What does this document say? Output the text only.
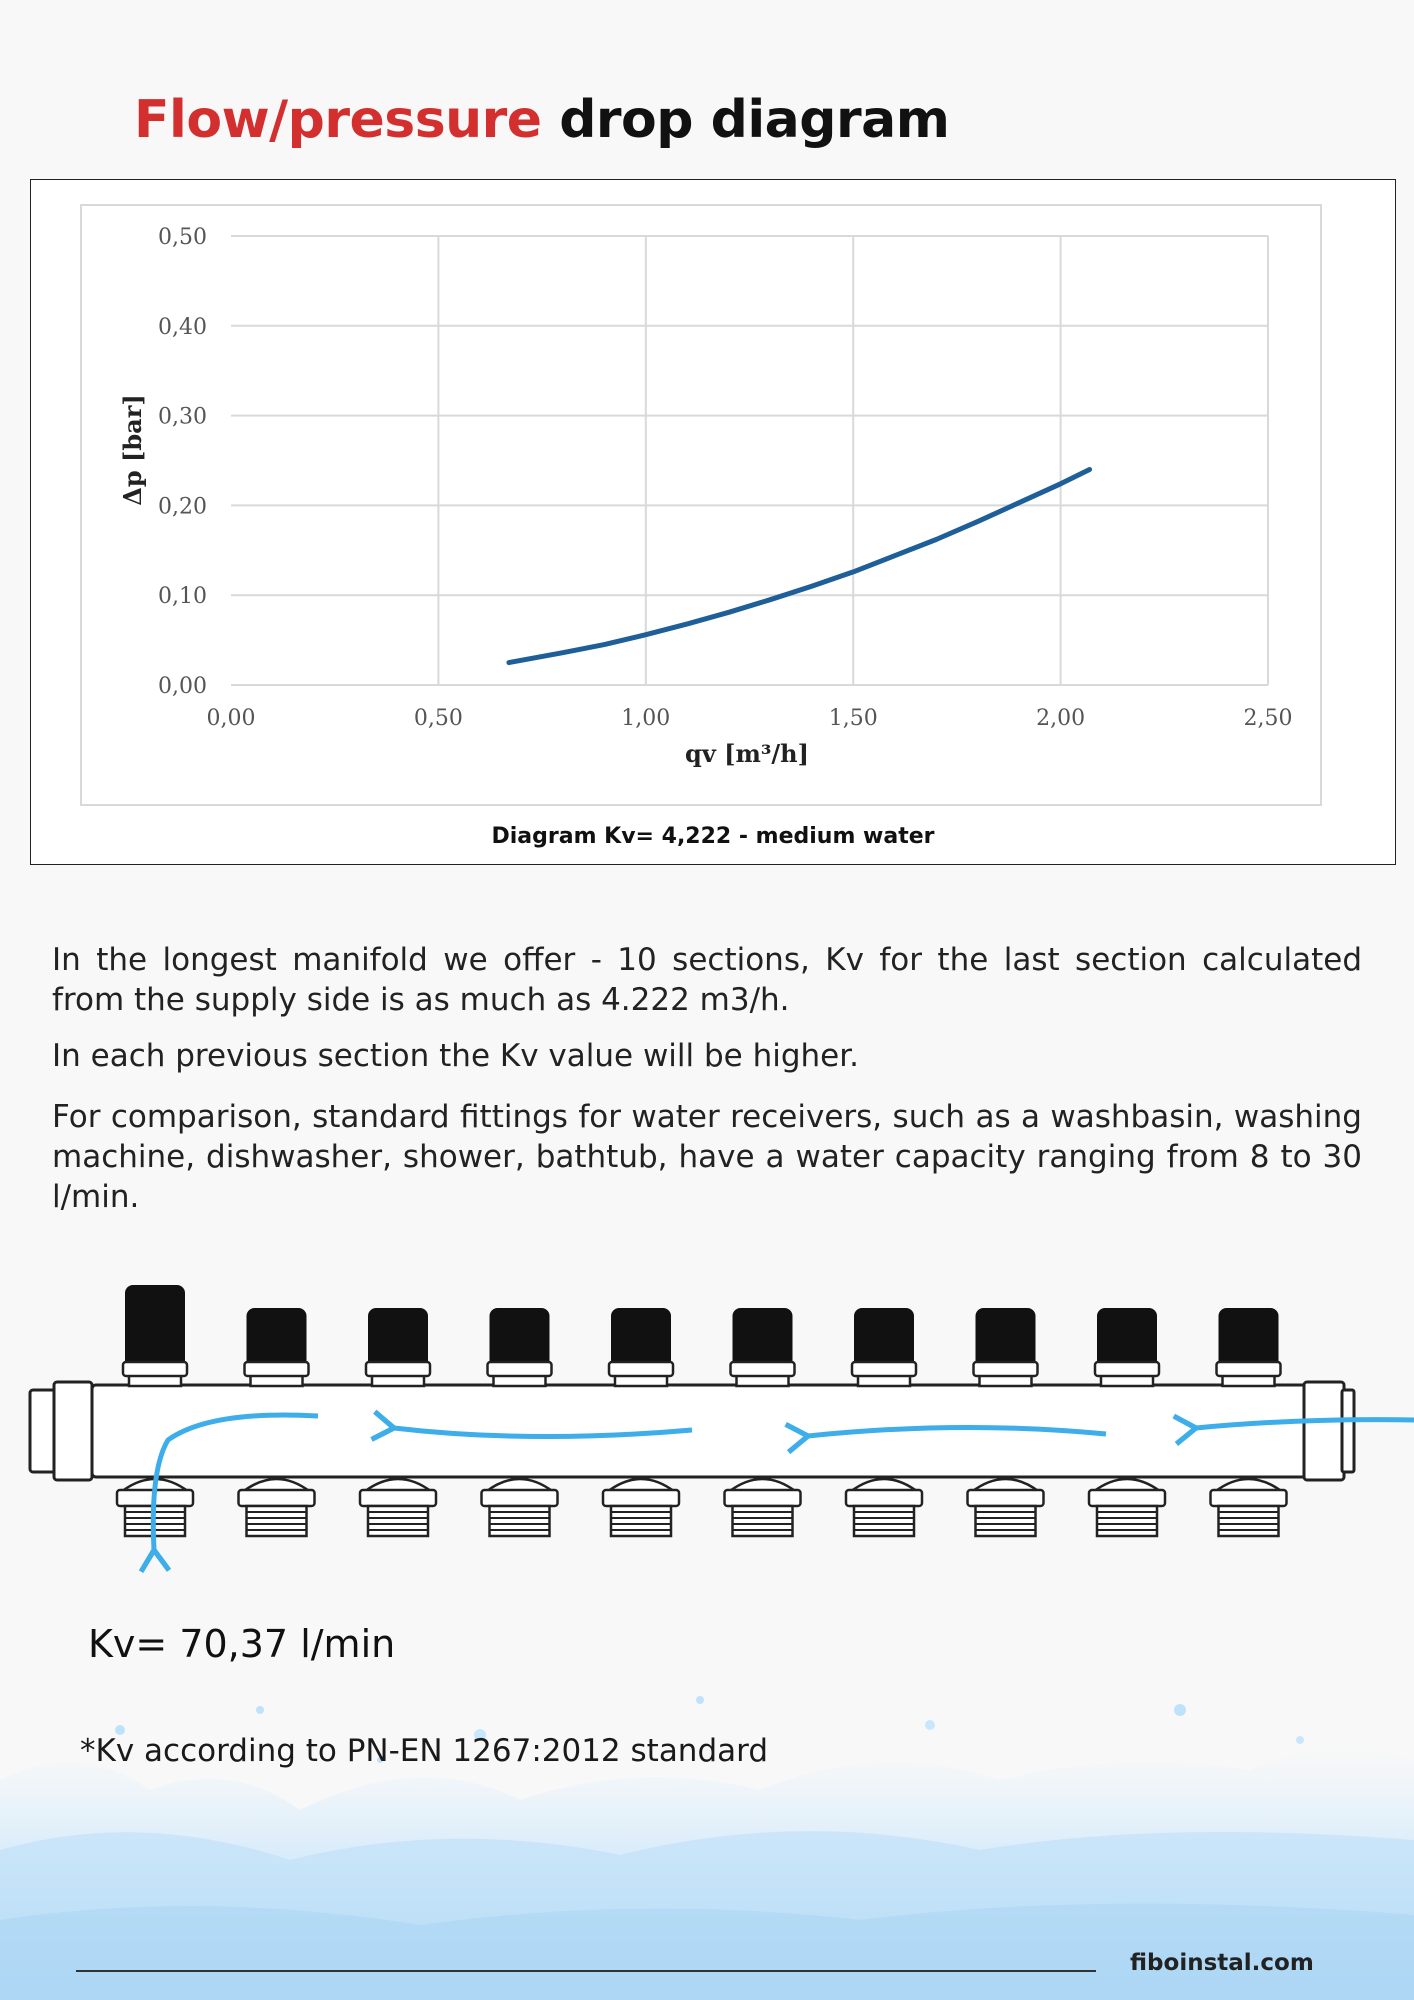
Flow/pressure drop diagram
0,00
0,10
0,20
0,30
0,40
0,50
0,00	0,50	1,00	1,50	2,00	2,50
Δp [bar]
qv [m³/h]
Diagram Kv= 4,222 - medium water

In the longest manifold we offer - 10 sections, Kv for the last section calculated
from the supply side is as much as 4.222 m3/h.

In each previous section the Kv value will be higher.

For comparison, standard fittings for water receivers, such as a washbasin, washing machine, dishwasher, shower, bathtub, have a water capacity ranging from 8 to 30 l/min.

Kv= 70,37 l/min

*Kv according to PN-EN 1267:2012 standard

fiboinstal.com
